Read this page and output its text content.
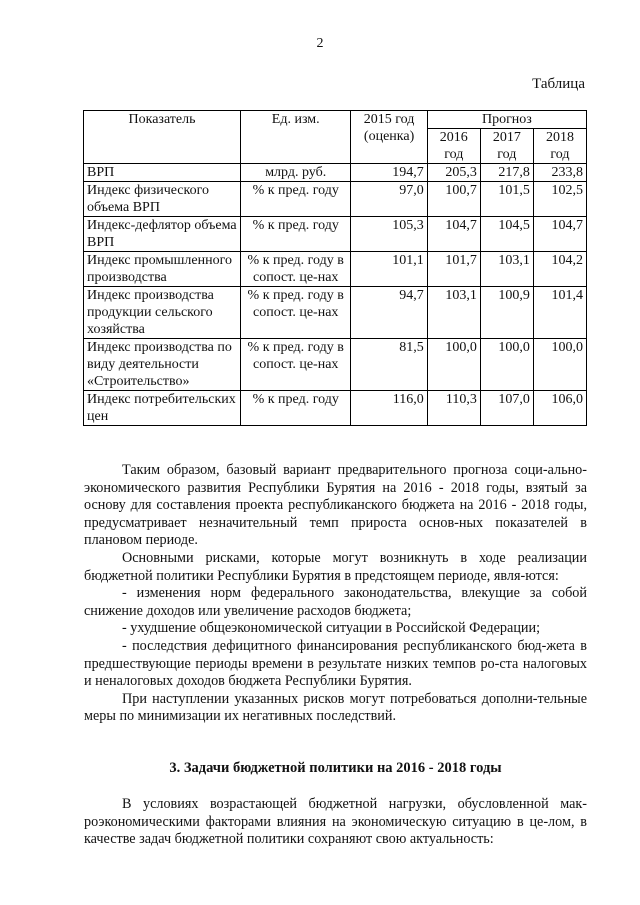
2
Таблица
Показатель	Ед. изм.	2015 год (оценка)	Прогноз		
			2016 год	2017 год	2018 год
ВРП	млрд. руб.	194,7	205,3	217,8	233,8
Индекс физического объема ВРП	% к пред. году	97,0	100,7	101,5	102,5
Индекс-дефлятор объема ВРП	% к пред. году	105,3	104,7	104,5	104,7
Индекс промышленного производства	% к пред. году в сопост. це-нах	101,1	101,7	103,1	104,2
Индекс производства продукции сельского хозяйства	% к пред. году в сопост. це-нах	94,7	103,1	100,9	101,4
Индекс производства по виду деятельности «Строительство»	% к пред. году в сопост. це-нах	81,5	100,0	100,0	100,0
Индекс потребительских цен	% к пред. году	116,0	110,3	107,0	106,0

Таким образом, базовый вариант предварительного прогноза соци-ально-экономического развития Республики Бурятия на 2016 - 2018 годы, взятый за основу для составления проекта республиканского бюджета на 2016 - 2018 годы, предусматривает незначительный темп прироста основ-ных показателей в плановом периоде.

Основными рисками, которые могут возникнуть в ходе реализации бюджетной политики Республики Бурятия в предстоящем периоде, явля-ются:

- изменения норм федерального законодательства, влекущие за собой снижение доходов или увеличение расходов бюджета;

- ухудшение общеэкономической ситуации в Российской Федерации;

- последствия дефицитного финансирования республиканского бюд-жета в предшествующие периоды времени в результате низких темпов ро-ста налоговых и неналоговых доходов бюджета Республики Бурятия.

При наступлении указанных рисков могут потребоваться дополни-тельные меры по минимизации их негативных последствий.

3. Задачи бюджетной политики на 2016 - 2018 годы

В условиях возрастающей бюджетной нагрузки, обусловленной мак-роэкономическими факторами влияния на экономическую ситуацию в це-лом, в качестве задач бюджетной политики сохраняют свою актуальность:
